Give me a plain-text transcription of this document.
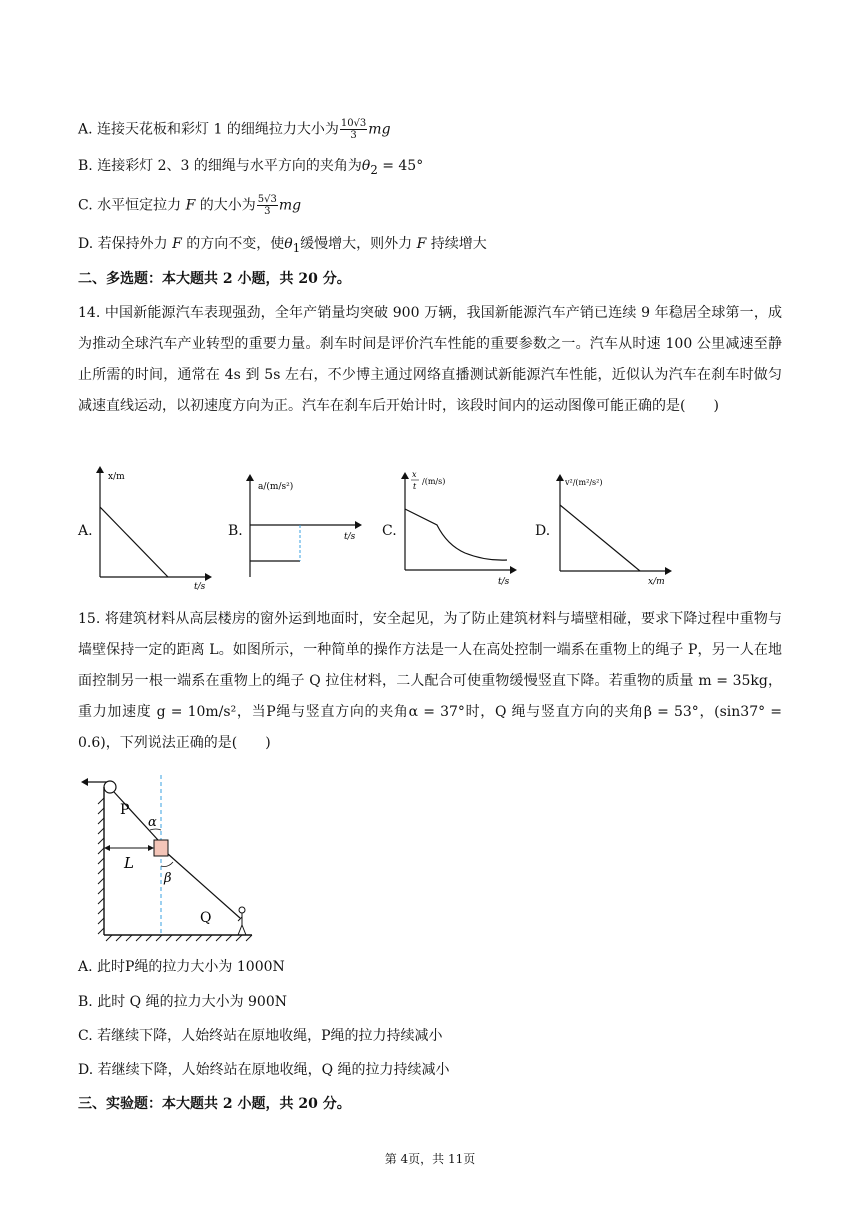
A. 连接天花板和彩灯 1 的细绳拉力大小为 $\frac{10√3}{3}$ mg
B. 连接彩灯 2、3 的细绳与水平方向的夹角为$\theta_2 = 45^\circ$
C. 水平恒定拉力 F 的大小为 $\frac{5√3}{3}$ mg
D. 若保持外力 F 的方向不变，使$\theta_1$缓慢增大，则外力 F 持续增大
二、多选题：本大题共 2 小题，共 20 分。
14. 中国新能源汽车表现强劲，全年产销量均突破 900 万辆，我国新能源汽车产销已连续 9 年稳居全球第一，成为推动全球汽车产业转型的重要力量。刹车时间是评价汽车性能的重要参数之一。汽车从时速 100 公里减速至静止所需的时间，通常在 4s 到 5s 左右，不少博主通过网络直播测试新能源汽车性能，近似认为汽车在刹车时做匀减速直线运动，以初速度方向为正。汽车在刹车后开始计时，该段时间内的运动图像可能正确的是(　　)
A.
x/m
t/s
B.
a/(m/s²)
t/s C.
x
t
/(m/s)
t/s
D.
v²/(m²/s²)
x/m
15. 将建筑材料从高层楼房的窗外运到地面时，安全起见，为了防止建筑材料与墙壁相碰，要求下降过程中重物与墙壁保持一定的距离 L。如图所示，一种简单的操作方法是一人在高处控制一端系在重物上的绳子 P，另一人在地面控制另一根一端系在重物上的绳子 Q 拉住材料，二人配合可使重物缓慢竖直下降。若重物的质量 m = 35kg，重力加速度 g = 10m/s²，当P绳与竖直方向的夹角α = 37°时，Q 绳与竖直方向的夹角β = 53°，(sin37° = 0.6)，下列说法正确的是(　　)
P
α
L
β
Q
A. 此时P绳的拉力大小为 1000N
B. 此时 Q 绳的拉力大小为 900N
C. 若继续下降，人始终站在原地收绳，P绳的拉力持续减小
D. 若继续下降，人始终站在原地收绳，Q 绳的拉力持续减小
三、实验题：本大题共 2 小题，共 20 分。
第 4页，共 11页
